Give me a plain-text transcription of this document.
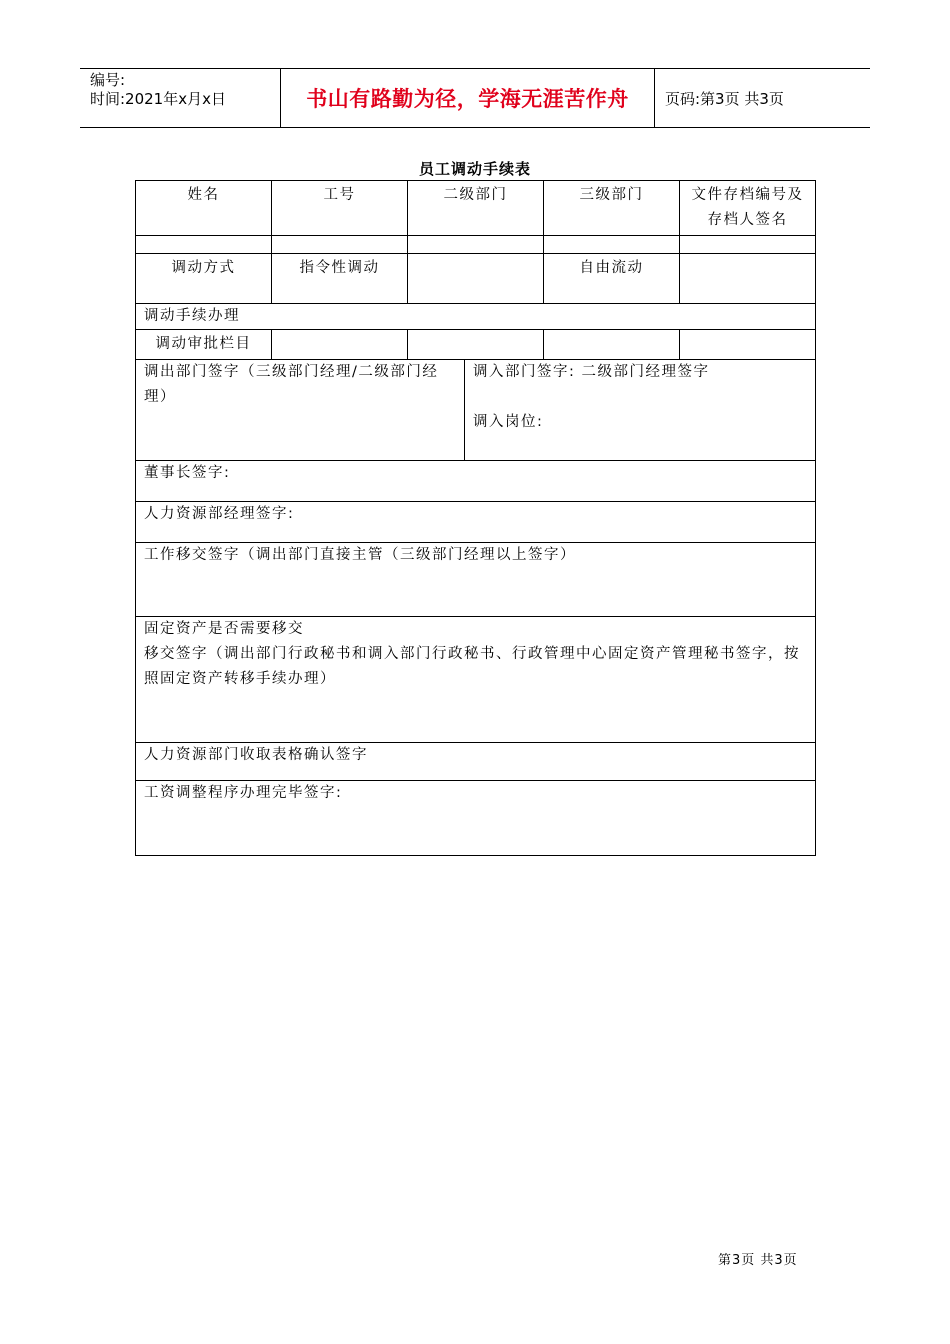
编号:
时间:2021年x月x日	书山有路勤为径，学海无涯苦作舟	页码:第3页 共3页
员工调动手续表
姓名	工号	二级部门	三级部门	文件存档编号及存档人签名

调动方式	指令性调动		自由流动	
调动手续办理				
调动审批栏目				

调出部门签字（三级部门经理/二级部门经理）
调入部门签字: 二级部门经理签字
调入岗位:				

董事长签字:				
人力资源部经理签字:				
工作移交签字（调出部门直接主管（三级部门经理以上签字）				

固定资产是否需要移交
移交签字（调出部门行政秘书和调入部门行政秘书、行政管理中心固定资产管理秘书签字，按照固定资产转移手续办理）				

人力资源部门收取表格确认签字				
工资调整程序办理完毕签字:				
第3页 共3页
